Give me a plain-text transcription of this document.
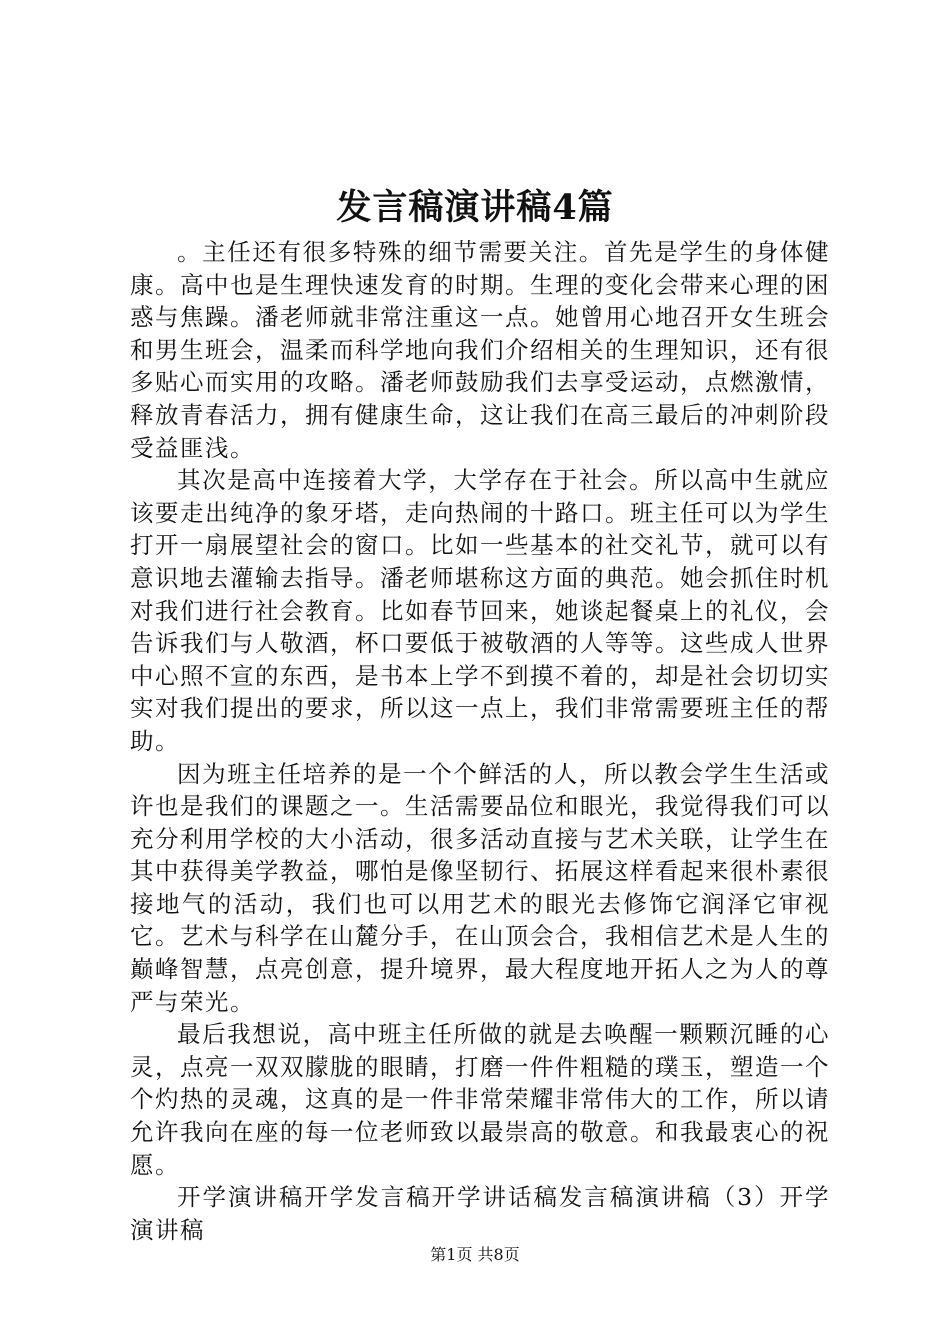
发言稿演讲稿4篇

。主任还有很多特殊的细节需要关注。首先是学生的身体健康。高中也是生理快速发育的时期。生理的变化会带来心理的困惑与焦躁。潘老师就非常注重这一点。她曾用心地召开女生班会和男生班会，温柔而科学地向我们介绍相关的生理知识，还有很多贴心而实用的攻略。潘老师鼓励我们去享受运动，点燃激情，释放青春活力，拥有健康生命，这让我们在高三最后的冲刺阶段受益匪浅。

其次是高中连接着大学，大学存在于社会。所以高中生就应该要走出纯净的象牙塔，走向热闹的十路口。班主任可以为学生打开一扇展望社会的窗口。比如一些基本的社交礼节，就可以有意识地去灌输去指导。潘老师堪称这方面的典范。她会抓住时机对我们进行社会教育。比如春节回来，她谈起餐桌上的礼仪，会告诉我们与人敬酒，杯口要低于被敬酒的人等等。这些成人世界中心照不宣的东西，是书本上学不到摸不着的，却是社会切切实实对我们提出的要求，所以这一点上，我们非常需要班主任的帮助。

因为班主任培养的是一个个鲜活的人，所以教会学生生活或许也是我们的课题之一。生活需要品位和眼光，我觉得我们可以充分利用学校的大小活动，很多活动直接与艺术关联，让学生在其中获得美学教益，哪怕是像坚韧行、拓展这样看起来很朴素很接地气的活动，我们也可以用艺术的眼光去修饰它润泽它审视它。艺术与科学在山麓分手，在山顶会合，我相信艺术是人生的巅峰智慧，点亮创意，提升境界，最大程度地开拓人之为人的尊严与荣光。

最后我想说，高中班主任所做的就是去唤醒一颗颗沉睡的心灵，点亮一双双朦胧的眼睛，打磨一件件粗糙的璞玉，塑造一个个灼热的灵魂，这真的是一件非常荣耀非常伟大的工作，所以请允许我向在座的每一位老师致以最崇高的敬意。和我最衷心的祝愿。

开学演讲稿开学发言稿开学讲话稿发言稿演讲稿（3）开学演讲稿

第1页 共8页
